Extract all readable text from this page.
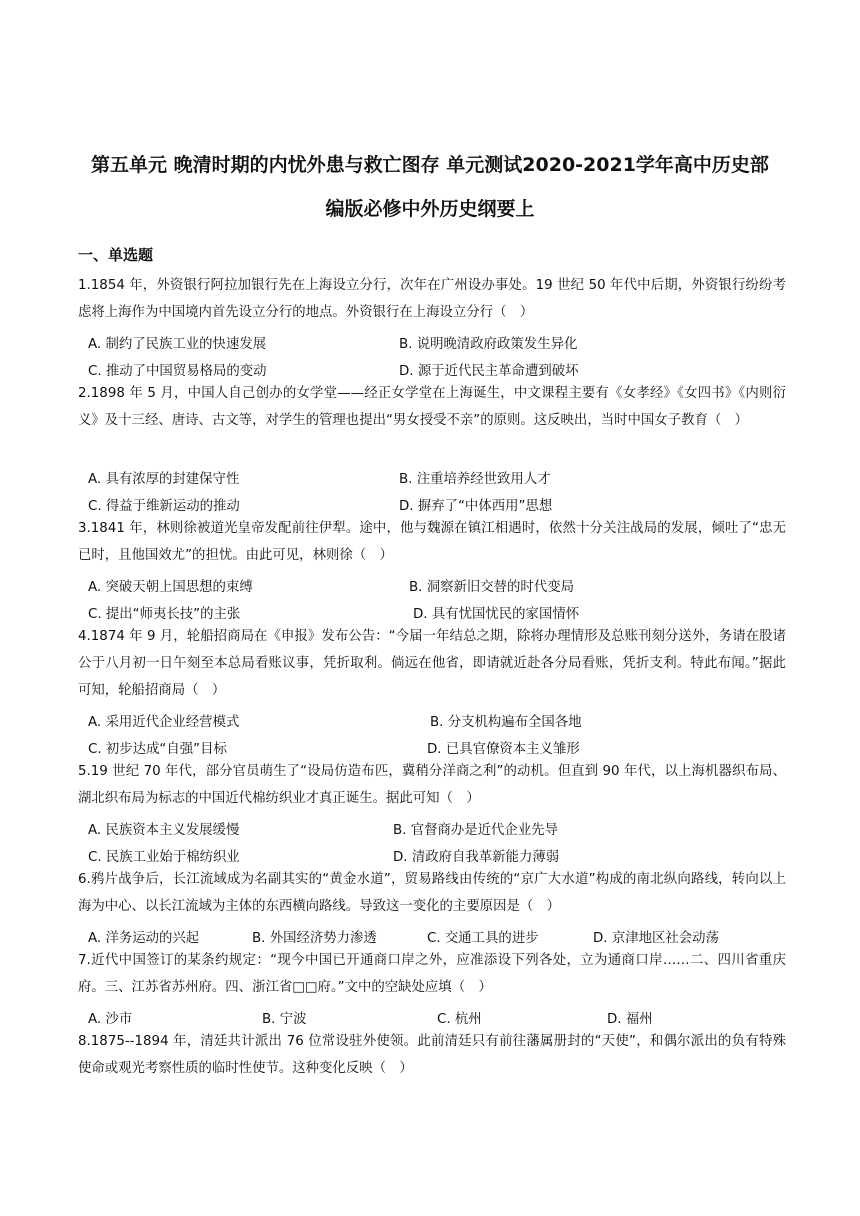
第五单元 晚清时期的内忧外患与救亡图存 单元测试2020-2021学年高中历史部
编版必修中外历史纲要上
一、单选题
1.1854 年，外资银行阿拉加银行先在上海设立分行，次年在广州设办事处。19 世纪 50 年代中后期，外资银行纷纷考虑将上海作为中国境内首先设立分行的地点。外资银行在上海设立分行（　）
A. 制约了民族工业的快速发展	B. 说明晚清政府政策发生异化
C. 推动了中国贸易格局的变动	D. 源于近代民主革命遭到破坏
2.1898 年 5 月，中国人自己创办的女学堂——经正女学堂在上海诞生，中文课程主要有《女孝经》《女四书》《内则衍义》及十三经、唐诗、古文等，对学生的管理也提出“男女授受不亲”的原则。这反映出，当时中国女子教育（　）
A. 具有浓厚的封建保守性	B. 注重培养经世致用人才
C. 得益于维新运动的推动	D. 摒弃了“中体西用”思想
3.1841 年，林则徐被道光皇帝发配前往伊犁。途中，他与魏源在镇江相遇时，依然十分关注战局的发展，倾吐了“忠无已时，且他国效尤”的担忧。由此可见，林则徐（　）
A. 突破天朝上国思想的束缚	B. 洞察新旧交替的时代变局
C. 提出“师夷长技”的主张	D. 具有忧国忧民的家国情怀
4.1874 年 9 月，轮船招商局在《申报》发布公告：“今届一年结总之期，除将办理情形及总账刊刻分送外，务请在股诸公于八月初一日午刻至本总局看账议事，凭折取利。倘远在他省，即请就近赴各分局看账，凭折支利。特此布闻。”据此可知，轮船招商局（　）
A. 采用近代企业经营模式	B. 分支机构遍布全国各地
C. 初步达成“自强”目标	D. 已具官僚资本主义雏形
5.19 世纪 70 年代，部分官员萌生了“设局仿造布匹，冀稍分洋商之利”的动机。但直到 90 年代，以上海机器织布局、湖北织布局为标志的中国近代棉纺织业才真正诞生。据此可知（　）
A. 民族资本主义发展缓慢	B. 官督商办是近代企业先导
C. 民族工业始于棉纺织业	D. 清政府自我革新能力薄弱
6.鸦片战争后，长江流域成为名副其实的“黄金水道”，贸易路线由传统的“京广大水道”构成的南北纵向路线，转向以上海为中心、以长江流域为主体的东西横向路线。导致这一变化的主要原因是（　）
A. 洋务运动的兴起	B. 外国经济势力渗透	C. 交通工具的进步	D. 京津地区社会动荡
7.近代中国签订的某条约规定：“现今中国已开通商口岸之外，应准添设下列各处，立为通商口岸……二、四川省重庆府。三、江苏省苏州府。四、浙江省□□府。”文中的空缺处应填（　）
A. 沙市	B. 宁波	C. 杭州	D. 福州
8.1875--1894 年，清廷共计派出 76 位常设驻外使领。此前清廷只有前往藩属册封的“天使”，和偶尔派出的负有特殊使命或观光考察性质的临时性使节。这种变化反映（　）
